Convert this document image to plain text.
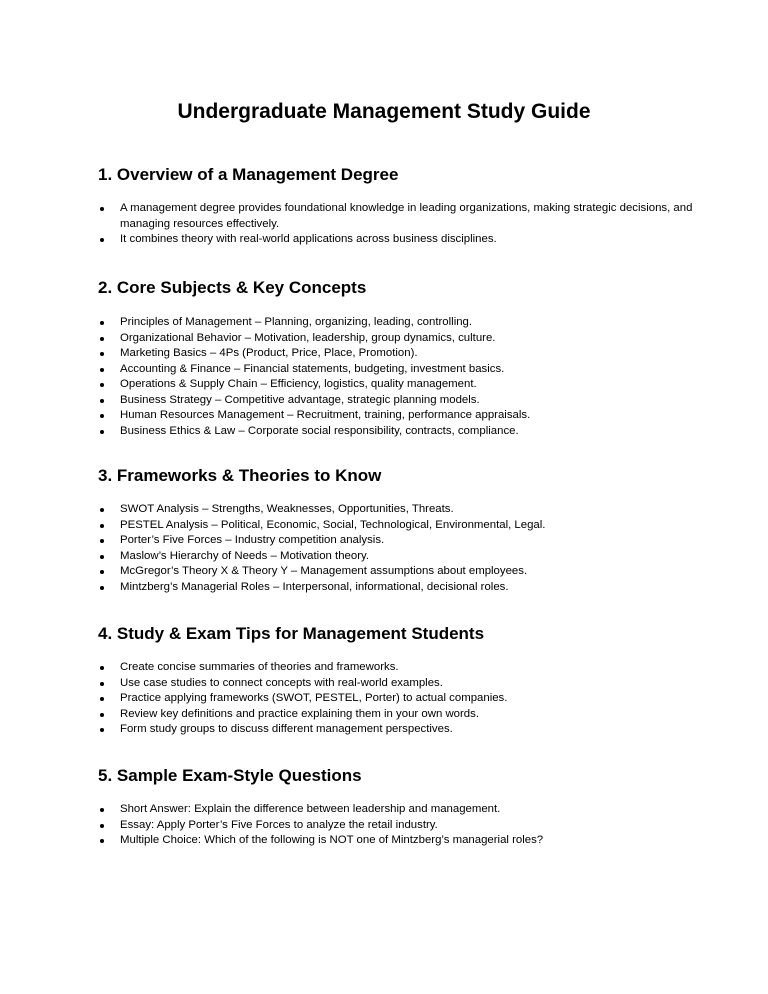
Undergraduate Management Study Guide
1. Overview of a Management Degree
A management degree provides foundational knowledge in leading organizations, making strategic decisions, and managing resources effectively.
It combines theory with real-world applications across business disciplines.
2. Core Subjects & Key Concepts
Principles of Management – Planning, organizing, leading, controlling.
Organizational Behavior – Motivation, leadership, group dynamics, culture.
Marketing Basics – 4Ps (Product, Price, Place, Promotion).
Accounting & Finance – Financial statements, budgeting, investment basics.
Operations & Supply Chain – Efficiency, logistics, quality management.
Business Strategy – Competitive advantage, strategic planning models.
Human Resources Management – Recruitment, training, performance appraisals.
Business Ethics & Law – Corporate social responsibility, contracts, compliance.
3. Frameworks & Theories to Know
SWOT Analysis – Strengths, Weaknesses, Opportunities, Threats.
PESTEL Analysis – Political, Economic, Social, Technological, Environmental, Legal.
Porter’s Five Forces – Industry competition analysis.
Maslow’s Hierarchy of Needs – Motivation theory.
McGregor’s Theory X & Theory Y – Management assumptions about employees.
Mintzberg’s Managerial Roles – Interpersonal, informational, decisional roles.
4. Study & Exam Tips for Management Students
Create concise summaries of theories and frameworks.
Use case studies to connect concepts with real-world examples.
Practice applying frameworks (SWOT, PESTEL, Porter) to actual companies.
Review key definitions and practice explaining them in your own words.
Form study groups to discuss different management perspectives.
5. Sample Exam-Style Questions
Short Answer: Explain the difference between leadership and management.
Essay: Apply Porter’s Five Forces to analyze the retail industry.
Multiple Choice: Which of the following is NOT one of Mintzberg’s managerial roles?
